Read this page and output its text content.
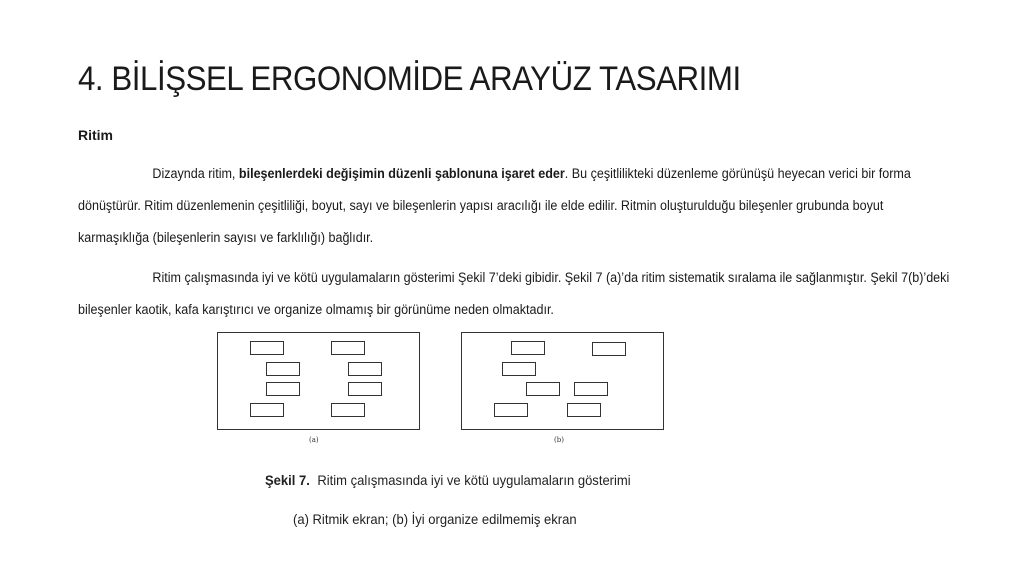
4. BİLİŞSEL ERGONOMİDE ARAYÜZ TASARIMI
Ritim
Dizaynda ritim, bileşenlerdeki değişimin düzenli şablonuna işaret eder. Bu çeşitlilikteki düzenleme görünüşü heyecan verici bir forma dönüştürür. Ritim düzenlemenin çeşitliliği, boyut, sayı ve bileşenlerin yapısı aracılığı ile elde edilir. Ritmin oluşturulduğu bileşenler grubunda boyut karmaşıklığa (bileşenlerin sayısı ve farklılığı) bağlıdır.
Ritim çalışmasında iyi ve kötü uygulamaların gösterimi Şekil 7’deki gibidir. Şekil 7 (a)’da ritim sistematik sıralama ile sağlanmıştır. Şekil 7(b)’deki bileşenler kaotik, kafa karıştırıcı ve organize olmamış bir görünüme neden olmaktadır.
(a)	(b)
Şekil 7. Ritim çalışmasında iyi ve kötü uygulamaların gösterimi
(a) Ritmik ekran; (b) İyi organize edilmemiş ekran
